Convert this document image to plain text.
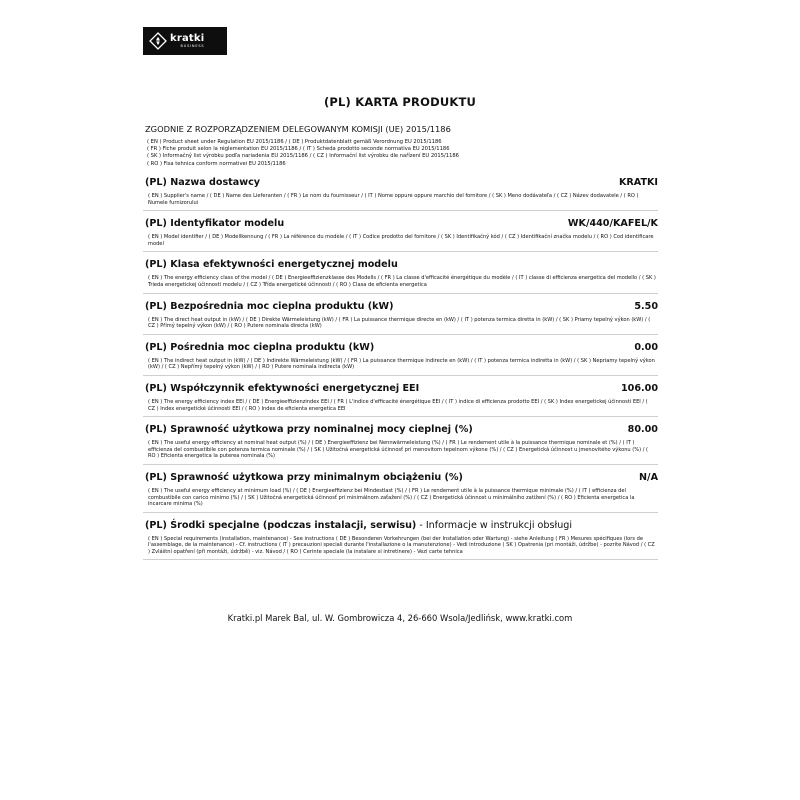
kratki
BUSINESS
(PL) KARTA PRODUKTU
ZGODNIE Z ROZPORZĄDZENIEM DELEGOWANYM KOMISJI (UE) 2015/1186
( EN ) Product sheet under Regulation EU 2015/1186 / ( DE ) Produktdatenblatt gemäß Verordnung EU 2015/1186
( FR ) Fiche produit selon la réglementation EU 2015/1186 / ( IT ) Scheda prodotto seconde normativa EU 2015/1186
( SK ) Informačný list výrobku podľa nariadenia EU 2015/1186 / ( CZ ) Informační list výrobku dle nařízení EU 2015/1186
( RO ) Fisa tehnica conform normativei EU 2015/1186
(PL) Nazwa dostawcy	KRATKI
( EN ) Supplier's name / ( DE ) Name des Lieferanten / ( FR ) Le nom du fournisseur / ( IT ) Nome oppure oppure marchio del fornitore / ( SK ) Meno dodávateľa / ( CZ ) Název dodavatele / ( RO ) Numele furnizorului
(PL) Identyfikator modelu	WK/440/KAFEL/K
( EN ) Model identifier / ( DE ) Modellkennung / ( FR ) La référence du modèle / ( IT ) Codice prodotto del fornitore / ( SK ) Identifikačný kód / ( CZ ) Identifikační značka modelu / ( RO ) Cod identificare model
(PL) Klasa efektywności energetycznej modelu
( EN ) The energy efficiency class of the model / ( DE ) Energieeffizienzklasse des Modells / ( FR ) La classe d'efficacité énergétique du modèle / ( IT ) classe di efficienza energetica del modello / ( SK ) Trieda energetickej účinnosti modelu / ( CZ ) Třída energetické účinnosti / ( RO ) Clasa de eficienta energetica
(PL) Bezpośrednia moc cieplna produktu (kW)	5.50
( EN ) The direct heat output in (kW) / ( DE ) Direkte Wärmeleistung (kW) / ( FR ) La puissance thermique directe en (kW) / ( IT ) potenza termica diretta in (kW) / ( SK ) Priamy tepelný výkon (kW) / ( CZ ) Přímý tepelný výkon (kW) / ( RO ) Putere nominala directa (kW)
(PL) Pośrednia moc cieplna produktu (kW)	0.00
( EN ) The indirect heat output in (kW) / ( DE ) Indirekte Wärmeleistung (kW) / ( FR ) La puissance thermique indirecte en (kW) / ( IT ) potenza termica indiretta in (kW) / ( SK ) Nepriamy tepelný výkon (kW) / ( CZ ) Nepřímý tepelný výkon (kW) / ( RO ) Putere nominala indirecta (kW)
(PL) Współczynnik efektywności energetycznej EEI	106.00
( EN ) The energy efficiency index EEI / ( DE ) Energieeffizienzindex EEI / ( FR ) L'indice d'efficacité énergétique EEI / ( IT ) indice di efficienza prodotto EEI / ( SK ) Index energetickej účinnosti EEI / ( CZ ) Index energetické účinnosti EEI / ( RO ) Index de eficienta energetica EEI
(PL) Sprawność użytkowa przy nominalnej mocy cieplnej (%)	80.00
( EN ) The useful energy efficiency at nominal heat output (%) / ( DE ) Energieeffizienz bei Nennwärmeleistung (%) / ( FR ) Le rendement utile à la puissance thermique nominale et (%) / ( IT ) efficienza del combustibile con potenza termica nominale (%) / ( SK ) Užitočná energetická účinnosť pri menovitom tepelnom výkone (%) / ( CZ ) Energetická účinnost u jmenovitého výkonu (%) / ( RO ) Eficienta energetica la puterea nominala (%)
(PL) Sprawność użytkowa przy minimalnym obciążeniu (%)	N/A
( EN ) The useful energy efficiency at minimum load (%) / ( DE ) Energieeffizienz bei Mindestlast (%) / ( FR ) Le rendement utile à la puissance thermique minimale (%) / ( IT ) efficienza del combustibile con carico minimo (%) / ( SK ) Užitočná energetická účinnosť pri minimálnom zaťažení (%) / ( CZ ) Energetická účinnost u minimálního zatížení (%) / ( RO ) Eficienta energetica la incarcare minima (%)
(PL) Środki specjalne (podczas instalacji, serwisu) - Informacje w instrukcji obsługi
( EN ) Special requirements (installation, maintenance) - See instructions ( DE ) Besonderen Vorkehrungen (bei der Installation oder Wartung) - siehe Anleitung ( FR ) Mesures spécifiques (lors de l'assemblage, de la maintenance) - Cf. instructions ( IT ) precauzioni speciali durante l'installazione o la manutenzione) - Vedi introduzione ( SK ) Opatrenia (pri montáži, údržbe) - pozrite Návod / ( CZ ) Zvláštní opatření (při montáži, údržbě) - viz. Návod / ( RO ) Cerinte speciale (la instalare si intretinere) - Vezi carte tehnica
Kratki.pl Marek Bal, ul. W. Gombrowicza 4, 26-660 Wsola/Jedlińsk, www.kratki.com
